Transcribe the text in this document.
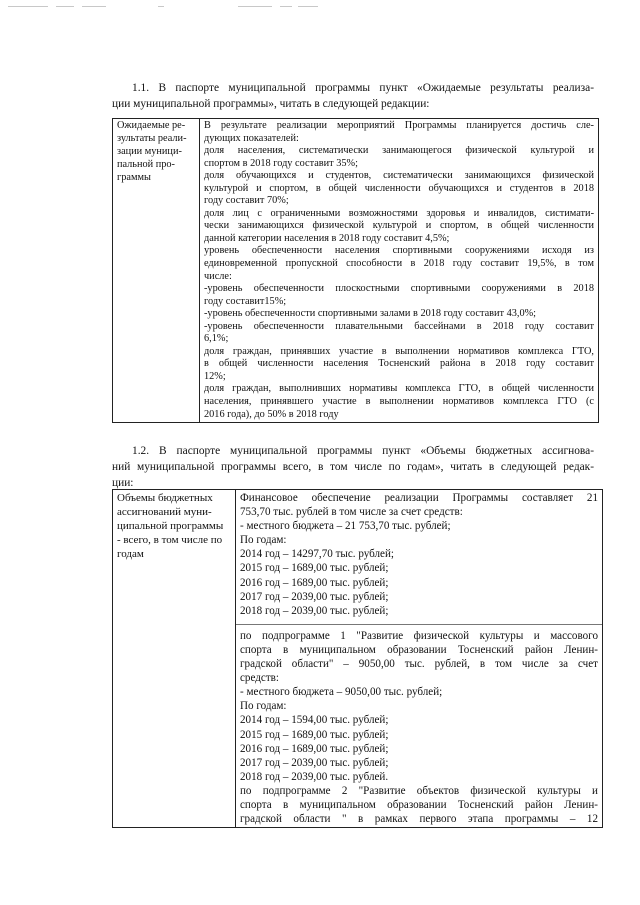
1.1. В паспорте муниципальной программы пункт «Ожидаемые результаты реализа-
ции муниципальной программы», читать в следующей редакции:
Ожидаемые ре-
зультаты реали-
зации муници-
пальной про-
граммы

В результате реализации мероприятий Программы планируется достичь сле-
дующих показателей:
доля населения, систематически занимающегося физической культурой и
спортом в 2018 году составит 35%;
доля обучающихся и студентов, систематически занимающихся физической
культурой и спортом, в общей численности обучающихся и студентов в 2018
году составит 70%;
доля лиц с ограниченными возможностями здоровья и инвалидов, систимати-
чески занимающихся физической культурой и спортом, в общей численности
данной категории населения в 2018 году составит 4,5%;
уровень обеспеченности населения спортивными сооружениями исходя из
единовременной пропускной способности в 2018 году составит 19,5%, в том
числе:
-уровень обеспеченности плоскостными спортивными сооружениями в 2018
году составит15%;
-уровень обеспеченности спортивными залами в 2018 году составит 43,0%;
-уровень обеспеченности плавательными бассейнами в 2018 году составит
6,1%;
доля граждан, принявших участие в выполнении нормативов комплекса ГТО,
в общей численности населения Тосненский района в 2018 году составит
12%;
доля граждан, выполнивших нормативы комплекса ГТО, в общей численности
населения, принявшего участие в выполнении нормативов комплекса ГТО (с
2016 года), до 50% в 2018 году
1.2. В паспорте муниципальной программы пункт «Объемы бюджетных ассигнова-
ний муниципальной программы всего, в том числе по годам», читать в следующей редак-
ции:
Объемы бюджетных
ассигнований муни-
ципальной программы
- всего, в том числе по
годам

Финансовое обеспечение реализации Программы составляет 21
753,70 тыс. рублей в том числе за счет средств:
- местного бюджета – 21 753,70 тыс. рублей;
По годам:
2014 год – 14297,70 тыс. рублей;
2015 год – 1689,00 тыс. рублей;
2016 год – 1689,00 тыс. рублей;
2017 год – 2039,00 тыс. рублей;
2018 год – 2039,00 тыс. рублей;
по подпрограмме 1 "Развитие физической культуры и массового
спорта в муниципальном образовании Тосненский район Ленин-
градской области" – 9050,00 тыс. рублей, в том числе за счет
средств:
- местного бюджета – 9050,00 тыс. рублей;
По годам:
2014 год – 1594,00 тыс. рублей;
2015 год – 1689,00 тыс. рублей;
2016 год – 1689,00 тыс. рублей;
2017 год – 2039,00 тыс. рублей;
2018 год – 2039,00 тыс. рублей.
по подпрограмме 2 "Развитие объектов физической культуры и
спорта в муниципальном образовании Тосненский район Ленин-
градской области " в рамках первого этапа программы – 12
